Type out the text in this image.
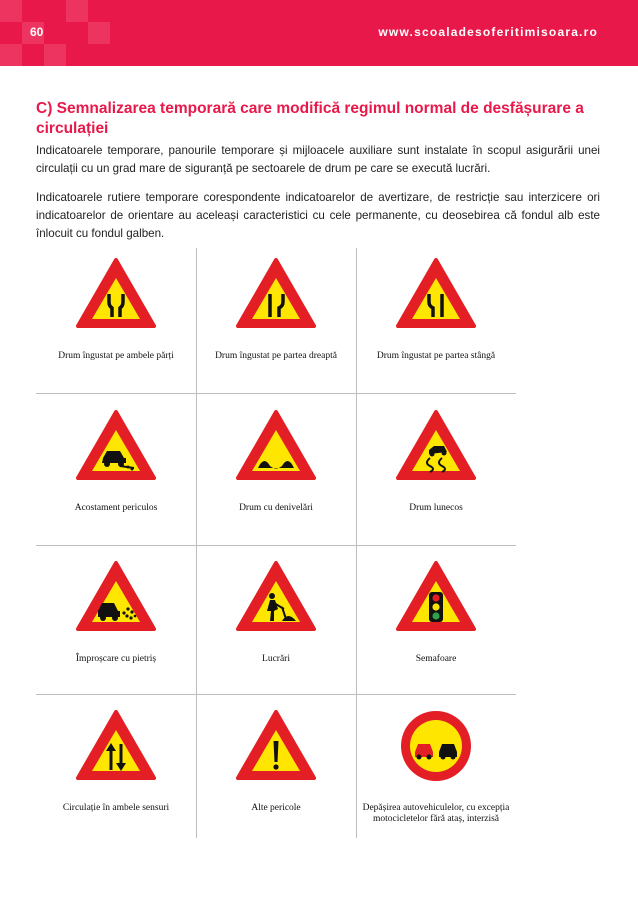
60	www.scoaladesoferitimisoara.ro
C) Semnalizarea temporară care modifică regimul normal de desfășurare a circulației

Indicatoarele temporare, panourile temporare și mijloacele auxiliare sunt instalate în scopul asigurării unei circulații cu un grad mare de siguranță pe sectoarele de drum pe care se execută lucrări.

Indicatoarele rutiere temporare corespondente indicatoarelor de avertizare, de restricție sau interzicere ori indicatoarelor de orientare au aceleași caracteristici cu cele permanente, cu deosebirea că fondul alb este înlocuit cu fondul galben.

Drum îngustat pe ambele părți	Drum îngustat pe partea dreaptă	Drum îngustat pe partea stângă
Acostament periculos	Drum cu denivelări	Drum lunecos
Împroșcare cu pietriș	Lucrări	Semafoare
Circulație în ambele sensuri	Alte pericole	Depășirea autovehiculelor, cu excepția motocicletelor fără ataș, interzisă
